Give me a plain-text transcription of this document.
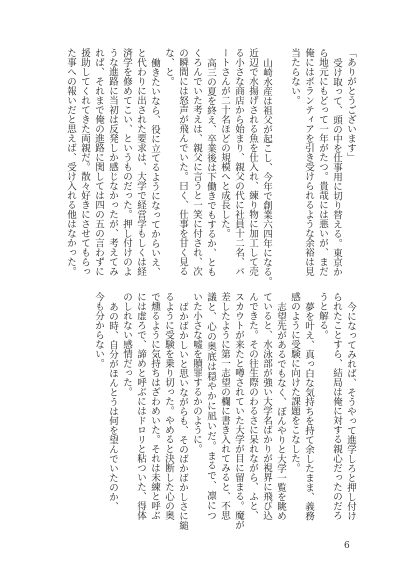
「ありがとうございます」
受け取って、頭の中を仕事用に切り替える。東京か
ら地元にもどって一年がたつ。貴哉には悪いが、まだ
俺にはボランティアを引き受けられるような余裕は見
当たらない。
山崎水産は祖父が起こし、今年で創業六四年になる。
近辺で水揚げされる魚を仕入れ、練り物に加工して売
る小さな商店から始まり、親父の代に社員十二名、パ
ートさんが二十名ほどの規模へと成長した。
高三の夏を終え、卒業後は下働きでもするか、とも
くろんでいた考えは、親父に言うと一笑に付され、次
の瞬間には怒声が飛んでいた。曰く、仕事を甘く見る
な、と。
働きたいなら、役に立てるようになってからいえ、
と代わりに出された要求は、大学で経営学もしくは経
済学を修めてこい、というものだった。押し付けのよ
うな進路に当初は反発しか感じなかったが、考えてみ
れば、それまで俺の進路に関しては四の五の言わずに
援助してくれてきた両親だ。散々好きにさせてもらっ
た事への報いだと思えば、受け入れる他はなかった。
今になってみれば、そうやって進学しろと押し付け
られたことすら、結局は俺に対する親心だったのだろ
うと解る。
夢を叶え、真っ白な気持ちを持て余したまま、義務
感のように受験に向けた課題をこなした。
志望先があるでもなく、ぼんやりと大学一覧を眺め
ていると、水泳部が強い大学名ばかりが視界に飛び込
んできた。その往生際のわるさに呆れながら、ふと、
スカウトが来たと噂されていた大学が目に留まる。魔が
差したように第一志望の欄に書き入れてみると、不思
議と、心の奥底は穏やかに凪いだ。まるで、凛につ
いた小さな嘘を贖罪するかのように。
ばかばかしいと思いながらも、そのばかばかしさに縋
るように受験を乗り切った。やめると決断した心の奥
で燻るように気持ちはざわめいた。それは未練と呼ぶ
には虚ろで、諦めと呼ぶにはドロリと粘ついた、得体
のしれない感情だった。
あの時、自分がほんとうは何を望んでいたのか、
今も分からない。
6
